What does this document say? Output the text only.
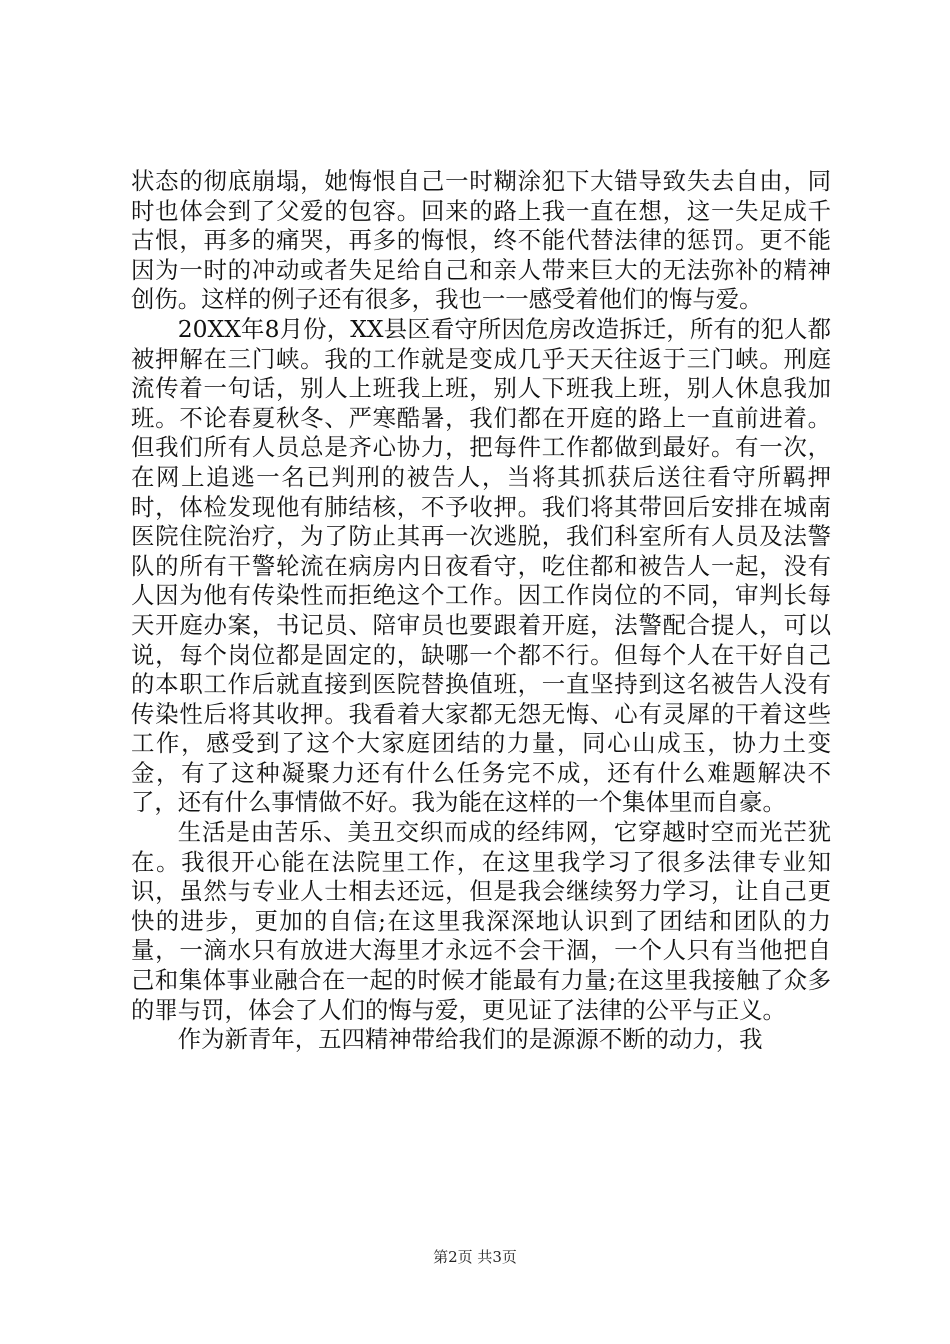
状态的彻底崩塌，她悔恨自己一时糊涂犯下大错导致失去自由，同时也体会到了父爱的包容。回来的路上我一直在想，这一失足成千古恨，再多的痛哭，再多的悔恨，终不能代替法律的惩罚。更不能因为一时的冲动或者失足给自己和亲人带来巨大的无法弥补的精神创伤。这样的例子还有很多，我也一一感受着他们的悔与爱。

20XX年8月份，XX县区看守所因危房改造拆迁，所有的犯人都被押解在三门峡。我的工作就是变成几乎天天往返于三门峡。刑庭流传着一句话，别人上班我上班，别人下班我上班，别人休息我加班。不论春夏秋冬、严寒酷暑，我们都在开庭的路上一直前进着。但我们所有人员总是齐心协力，把每件工作都做到最好。有一次，在网上追逃一名已判刑的被告人，当将其抓获后送往看守所羁押时，体检发现他有肺结核，不予收押。我们将其带回后安排在城南医院住院治疗，为了防止其再一次逃脱，我们科室所有人员及法警队的所有干警轮流在病房内日夜看守，吃住都和被告人一起，没有人因为他有传染性而拒绝这个工作。因工作岗位的不同，审判长每天开庭办案，书记员、陪审员也要跟着开庭，法警配合提人，可以说，每个岗位都是固定的，缺哪一个都不行。但每个人在干好自己的本职工作后就直接到医院替换值班，一直坚持到这名被告人没有传染性后将其收押。我看着大家都无怨无悔、心有灵犀的干着这些工作，感受到了这个大家庭团结的力量，同心山成玉，协力土变金，有了这种凝聚力还有什么任务完不成，还有什么难题解决不了，还有什么事情做不好。我为能在这样的一个集体里而自豪。

生活是由苦乐、美丑交织而成的经纬网，它穿越时空而光芒犹在。我很开心能在法院里工作，在这里我学习了很多法律专业知识，虽然与专业人士相去还远，但是我会继续努力学习，让自己更快的进步，更加的自信;在这里我深深地认识到了团结和团队的力量，一滴水只有放进大海里才永远不会干涸，一个人只有当他把自己和集体事业融合在一起的时候才能最有力量;在这里我接触了众多的罪与罚，体会了人们的悔与爱，更见证了法律的公平与正义。

作为新青年，五四精神带给我们的是源源不断的动力，我

第2页 共3页
